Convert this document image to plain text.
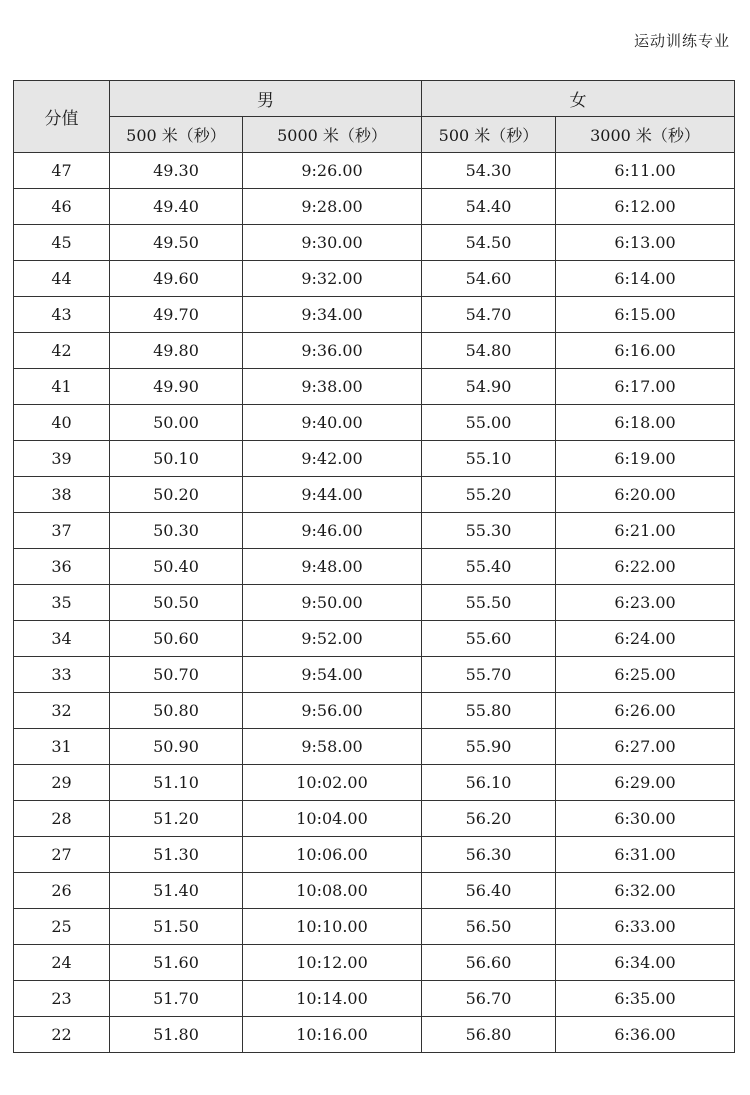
运动训练专业
分值	男		女	
	500 米（秒）	5000 米（秒）	500 米（秒）	3000 米（秒）
47	49.30	9:26.00	54.30	6:11.00
46	49.40	9:28.00	54.40	6:12.00
45	49.50	9:30.00	54.50	6:13.00
44	49.60	9:32.00	54.60	6:14.00
43	49.70	9:34.00	54.70	6:15.00
42	49.80	9:36.00	54.80	6:16.00
41	49.90	9:38.00	54.90	6:17.00
40	50.00	9:40.00	55.00	6:18.00
39	50.10	9:42.00	55.10	6:19.00
38	50.20	9:44.00	55.20	6:20.00
37	50.30	9:46.00	55.30	6:21.00
36	50.40	9:48.00	55.40	6:22.00
35	50.50	9:50.00	55.50	6:23.00
34	50.60	9:52.00	55.60	6:24.00
33	50.70	9:54.00	55.70	6:25.00
32	50.80	9:56.00	55.80	6:26.00
31	50.90	9:58.00	55.90	6:27.00
29	51.10	10:02.00	56.10	6:29.00
28	51.20	10:04.00	56.20	6:30.00
27	51.30	10:06.00	56.30	6:31.00
26	51.40	10:08.00	56.40	6:32.00
25	51.50	10:10.00	56.50	6:33.00
24	51.60	10:12.00	56.60	6:34.00
23	51.70	10:14.00	56.70	6:35.00
22	51.80	10:16.00	56.80	6:36.00
